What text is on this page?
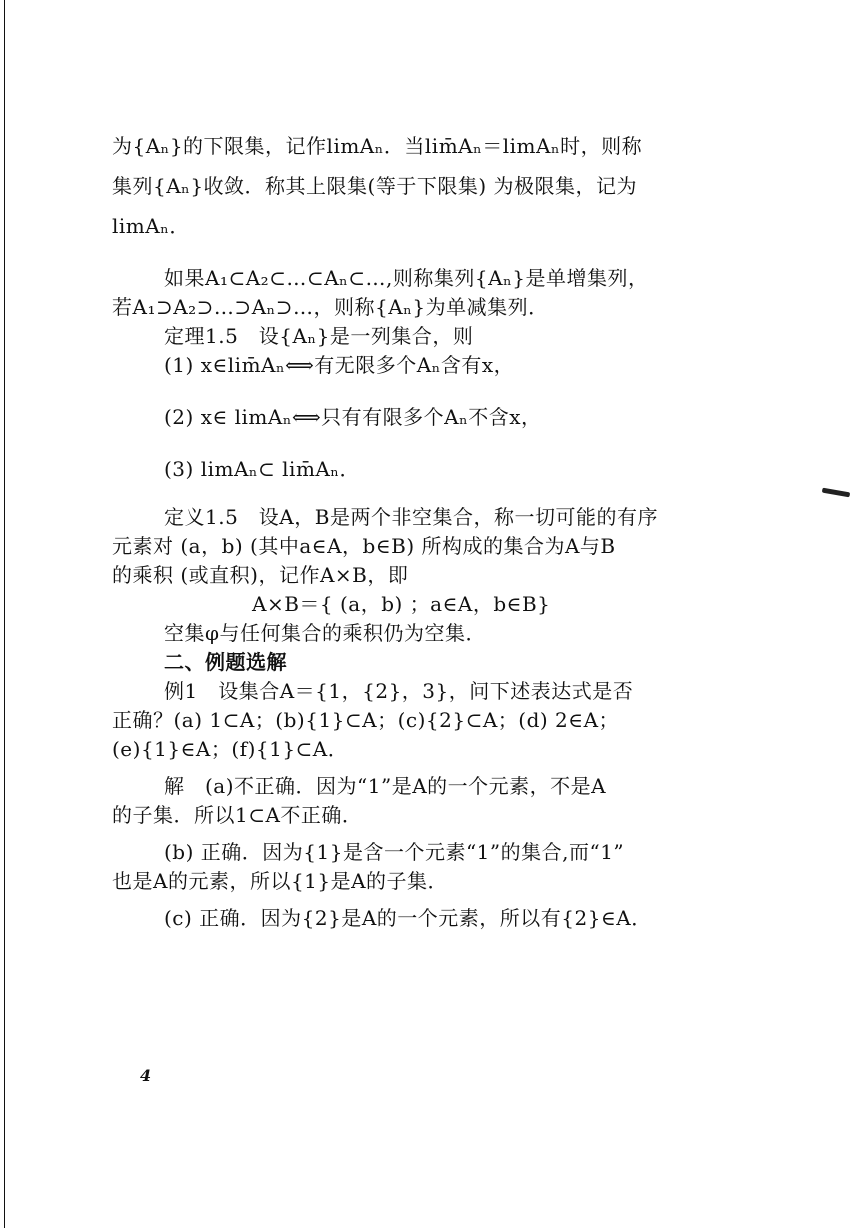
为{Aₙ}的下限集，记作limAₙ．当lim̄Aₙ＝limAₙ时，则称
集列{Aₙ}收敛．称其上限集(等于下限集) 为极限集，记为
limAₙ．
如果A₁⊂A₂⊂…⊂Aₙ⊂…,则称集列{Aₙ}是单增集列，
若A₁⊃A₂⊃…⊃Aₙ⊃…，则称{Aₙ}为单减集列．
定理1.5　设{Aₙ}是一列集合，则
(1) x∈lim̄Aₙ⟺有无限多个Aₙ含有x，
(2) x∈ limAₙ⟺只有有限多个Aₙ不含x，
(3) limAₙ⊂ lim̄Aₙ．
定义1.5　设A，B是两个非空集合，称一切可能的有序
元素对 (a，b) (其中a∈A，b∈B) 所构成的集合为A与B
的乘积 (或直积)，记作A×B，即
A×B＝{ (a，b) ；a∈A，b∈B}
空集φ与任何集合的乘积仍为空集．
二、例题选解
例1　设集合A＝{1，{2}，3}，问下述表达式是否
正确？(a) 1⊂A；(b){1}⊂A；(c){2}⊂A；(d) 2∈A；
(e){1}∈A；(f){1}⊂A．
解　(a)不正确．因为“1”是A的一个元素，不是A
的子集．所以1⊂A不正确．
(b) 正确．因为{1}是含一个元素“1”的集合,而“1”
也是A的元素，所以{1}是A的子集．
(c) 正确．因为{2}是A的一个元素，所以有{2}∈A．
4
